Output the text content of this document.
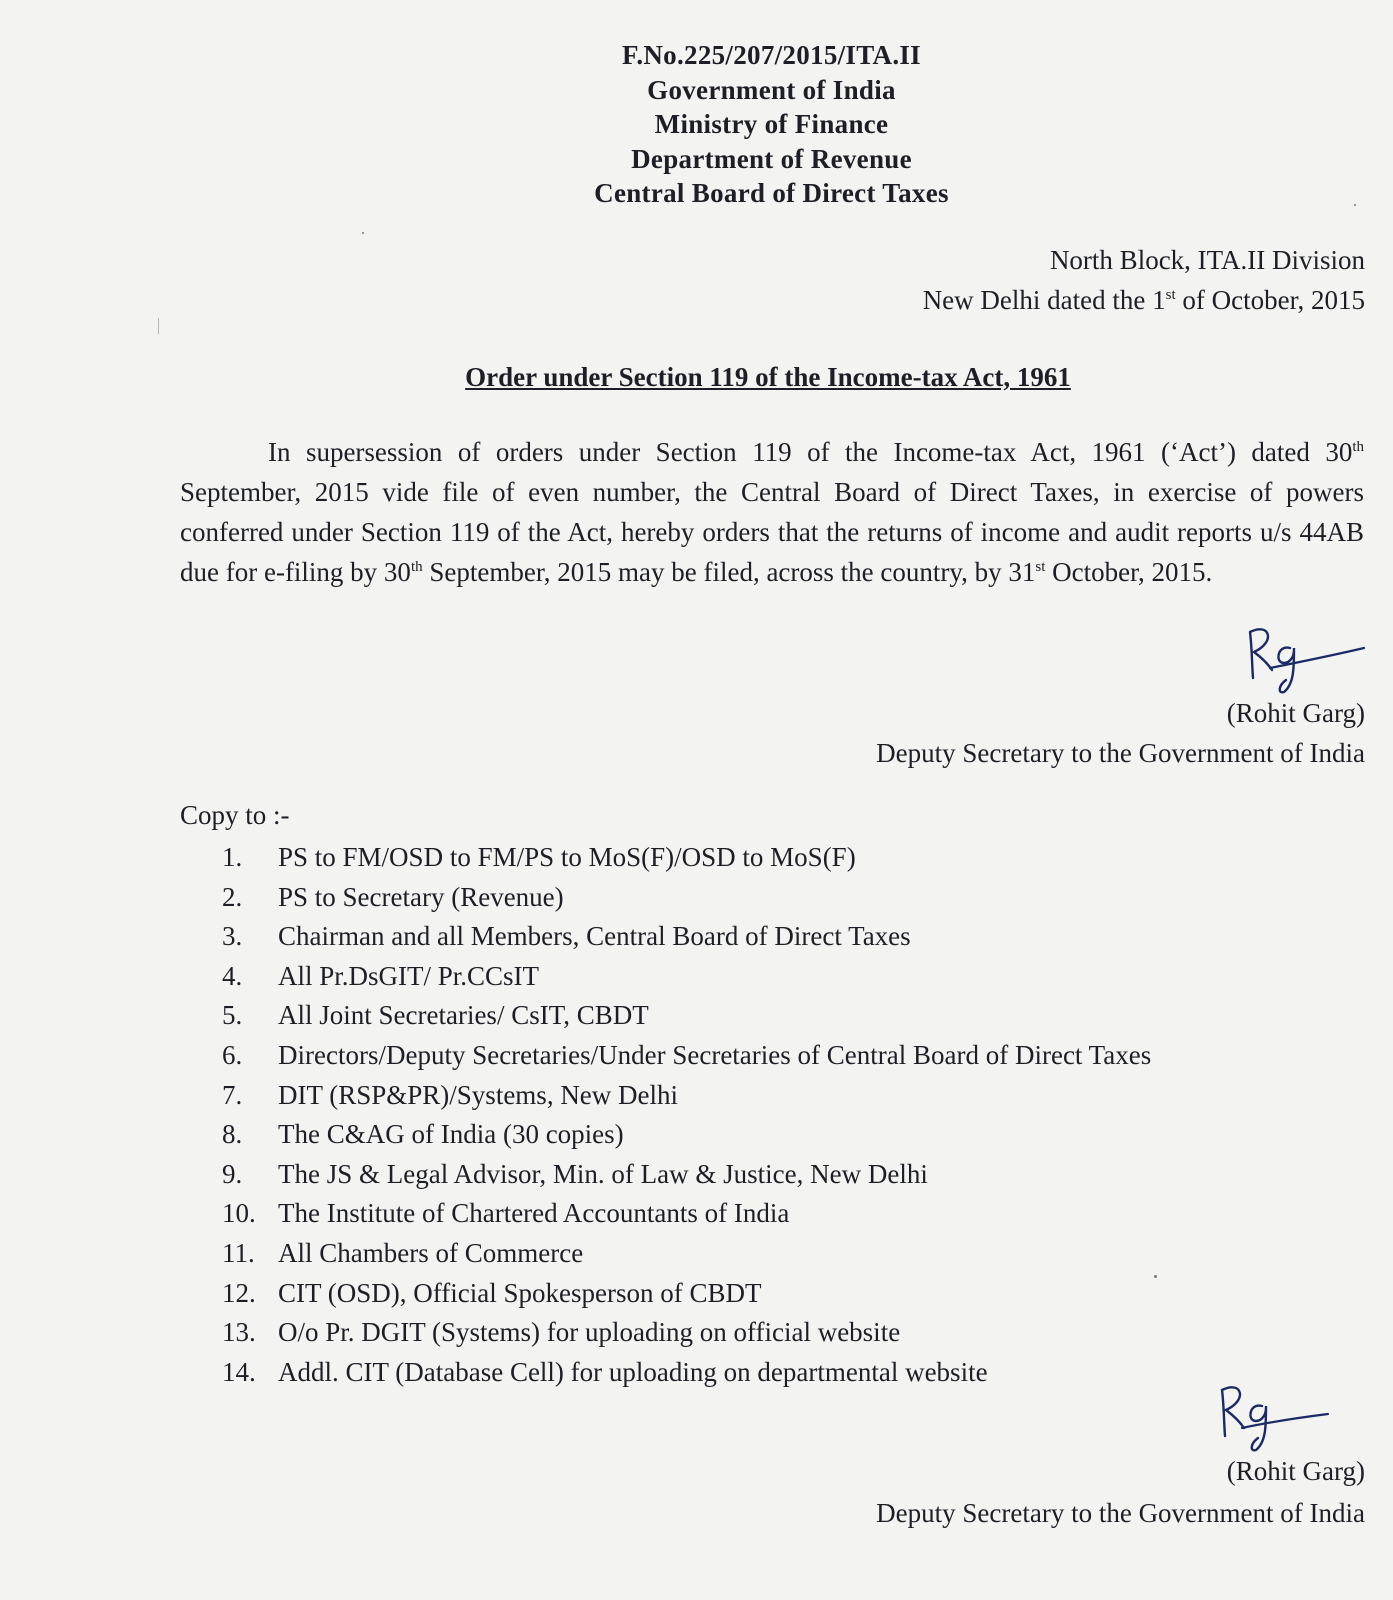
F.No.225/207/2015/ITA.II
Government of India
Ministry of Finance
Department of Revenue
Central Board of Direct Taxes
North Block, ITA.II Division
New Delhi dated the 1st of October, 2015
Order under Section 119 of the Income-tax Act, 1961
In supersession of orders under Section 119 of the Income-tax Act, 1961 (‘Act’) dated 30th September, 2015 vide file of even number, the Central Board of Direct Taxes, in exercise of powers conferred under Section 119 of the Act, hereby orders that the returns of income and audit reports u/s 44AB due for e-filing by 30th September, 2015 may be filed, across the country, by 31st October, 2015.
(Rohit Garg)
Deputy Secretary to the Government of India
Copy to :-
1.	PS to FM/OSD to FM/PS to MoS(F)/OSD to MoS(F)
2.	PS to Secretary (Revenue)
3.	Chairman and all Members, Central Board of Direct Taxes
4.	All Pr.DsGIT/ Pr.CCsIT
5.	All Joint Secretaries/ CsIT, CBDT
6.	Directors/Deputy Secretaries/Under Secretaries of Central Board of Direct Taxes
7.	DIT (RSP&PR)/Systems, New Delhi
8.	The C&AG of India (30 copies)
9.	The JS & Legal Advisor, Min. of Law & Justice, New Delhi
10. The Institute of Chartered Accountants of India
11. All Chambers of Commerce
12. CIT (OSD), Official Spokesperson of CBDT
13. O/o Pr. DGIT (Systems) for uploading on official website
14. Addl. CIT (Database Cell) for uploading on departmental website
(Rohit Garg)
Deputy Secretary to the Government of India
